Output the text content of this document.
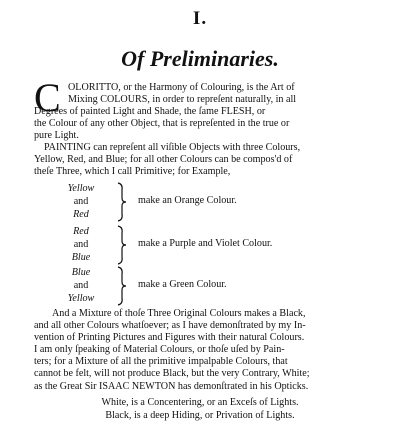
I.
Of Preliminaries.
C OLORITTO, or the Harmony of Colouring, is the Art of
Mixing COLOURS, in order to repreſent naturally, in all
Degrees of painted Light and Shade, the ſame FLESH, or
the Colour of any other Object, that is repreſented in the true or
pure Light.
PAINTING can repreſent all viſible Objects with three Colours,
Yellow, Red, and Blue; for all other Colours can be compos'd of
theſe Three, which I call Primitive; for Example,
Yellow
and
Red
make an Orange Colour.
Red
and
Blue
make a Purple and Violet Colour.
Blue
and
Yellow
make a Green Colour.
And a Mixture of thoſe Three Original Colours makes a Black,
and all other Colours whatſoever; as I have demonſtrated by my In-
vention of Printing Pictures and Figures with their natural Colours.
I am only ſpeaking of Material Colours, or thoſe uſed by Pain-
ters; for a Mixture of all the primitive impalpable Colours, that
cannot be felt, will not produce Black, but the very Contrary, White;
as the Great Sir ISAAC NEWTON has demonſtrated in his Opticks.
White, is a Concentering, or an Exceſs of Lights.
Black, is a deep Hiding, or Privation of Lights.
